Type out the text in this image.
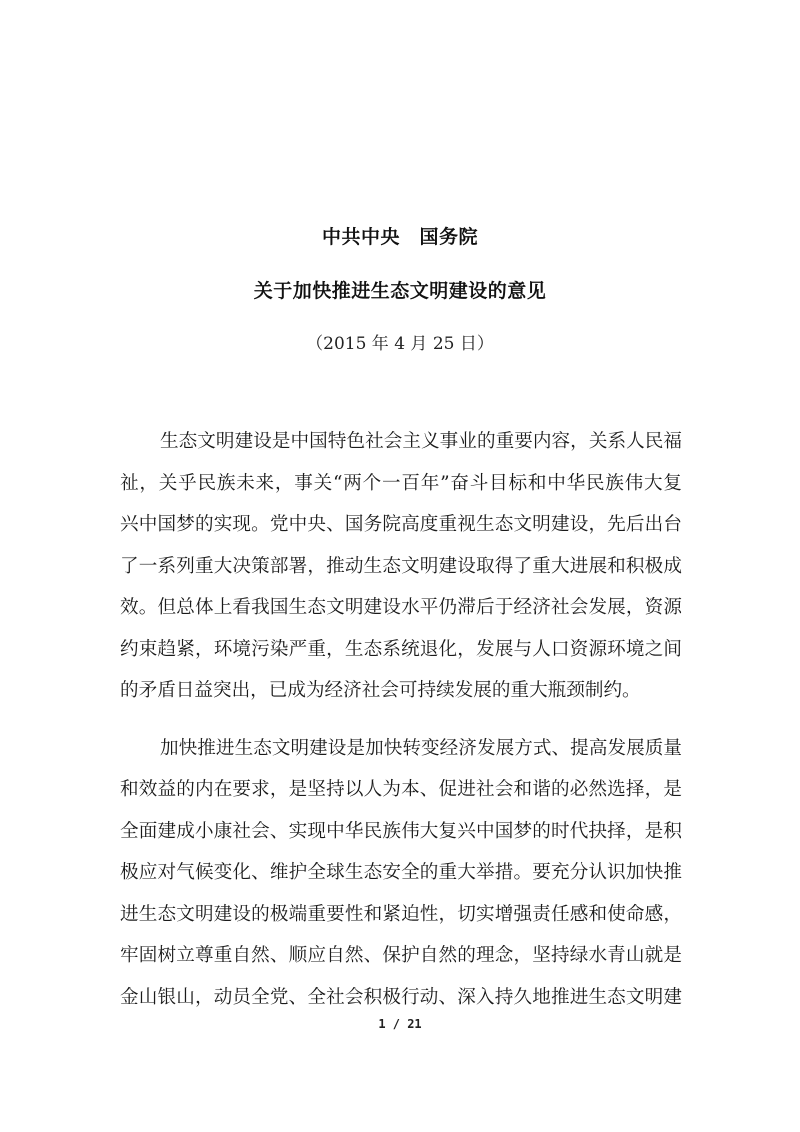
中共中央　国务院
关于加快推进生态文明建设的意见
（2015 年 4 月 25 日）
生态文明建设是中国特色社会主义事业的重要内容，关系人民福
祉，关乎民族未来，事关“两个一百年”奋斗目标和中华民族伟大复
兴中国梦的实现。党中央、国务院高度重视生态文明建设，先后出台
了一系列重大决策部署，推动生态文明建设取得了重大进展和积极成
效。但总体上看我国生态文明建设水平仍滞后于经济社会发展，资源
约束趋紧，环境污染严重，生态系统退化，发展与人口资源环境之间
的矛盾日益突出，已成为经济社会可持续发展的重大瓶颈制约。
加快推进生态文明建设是加快转变经济发展方式、提高发展质量
和效益的内在要求，是坚持以人为本、促进社会和谐的必然选择，是
全面建成小康社会、实现中华民族伟大复兴中国梦的时代抉择，是积
极应对气候变化、维护全球生态安全的重大举措。要充分认识加快推
进生态文明建设的极端重要性和紧迫性，切实增强责任感和使命感，
牢固树立尊重自然、顺应自然、保护自然的理念，坚持绿水青山就是
金山银山，动员全党、全社会积极行动、深入持久地推进生态文明建
1 / 21
